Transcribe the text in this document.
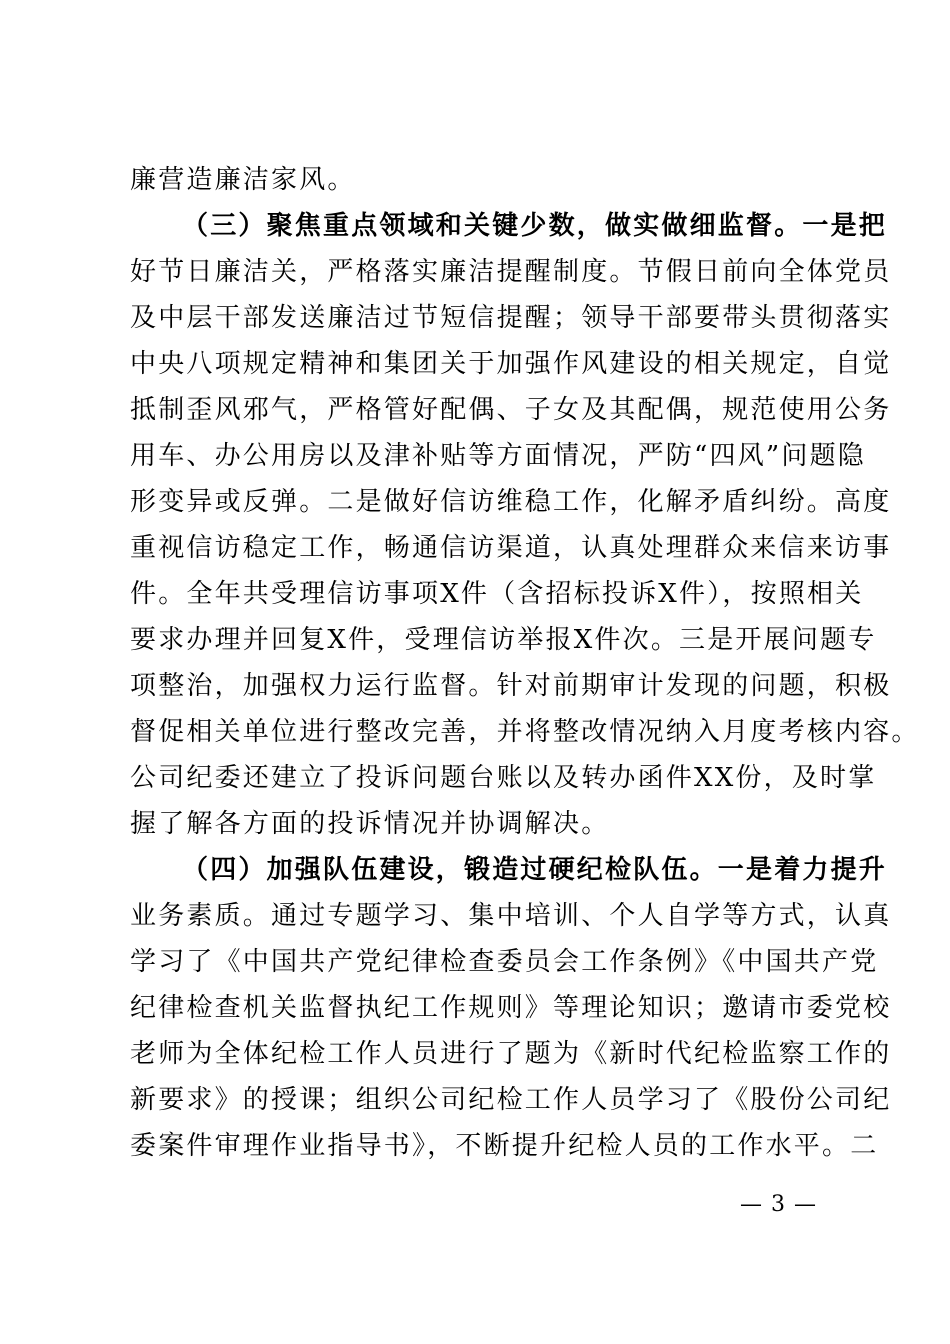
廉营造廉洁家风。
（三）聚焦重点领域和关键少数，做实做细监督。一是把
好节日廉洁关，严格落实廉洁提醒制度。节假日前向全体党员
及中层干部发送廉洁过节短信提醒；领导干部要带头贯彻落实
中央八项规定精神和集团关于加强作风建设的相关规定，自觉
抵制歪风邪气，严格管好配偶、子女及其配偶，规范使用公务
用车、办公用房以及津补贴等方面情况，严防“四风”问题隐
形变异或反弹。二是做好信访维稳工作，化解矛盾纠纷。高度
重视信访稳定工作，畅通信访渠道，认真处理群众来信来访事
件。全年共受理信访事项X件（含招标投诉X件），按照相关
要求办理并回复X件，受理信访举报X件次。三是开展问题专
项整治，加强权力运行监督。针对前期审计发现的问题，积极
督促相关单位进行整改完善，并将整改情况纳入月度考核内容。
公司纪委还建立了投诉问题台账以及转办函件XX份，及时掌
握了解各方面的投诉情况并协调解决。
（四）加强队伍建设，锻造过硬纪检队伍。一是着力提升
业务素质。通过专题学习、集中培训、个人自学等方式，认真
学习了《中国共产党纪律检查委员会工作条例》《中国共产党
纪律检查机关监督执纪工作规则》等理论知识；邀请市委党校
老师为全体纪检工作人员进行了题为《新时代纪检监察工作的
新要求》的授课；组织公司纪检工作人员学习了《股份公司纪
委案件审理作业指导书》，不断提升纪检人员的工作水平。二
— 3 —
